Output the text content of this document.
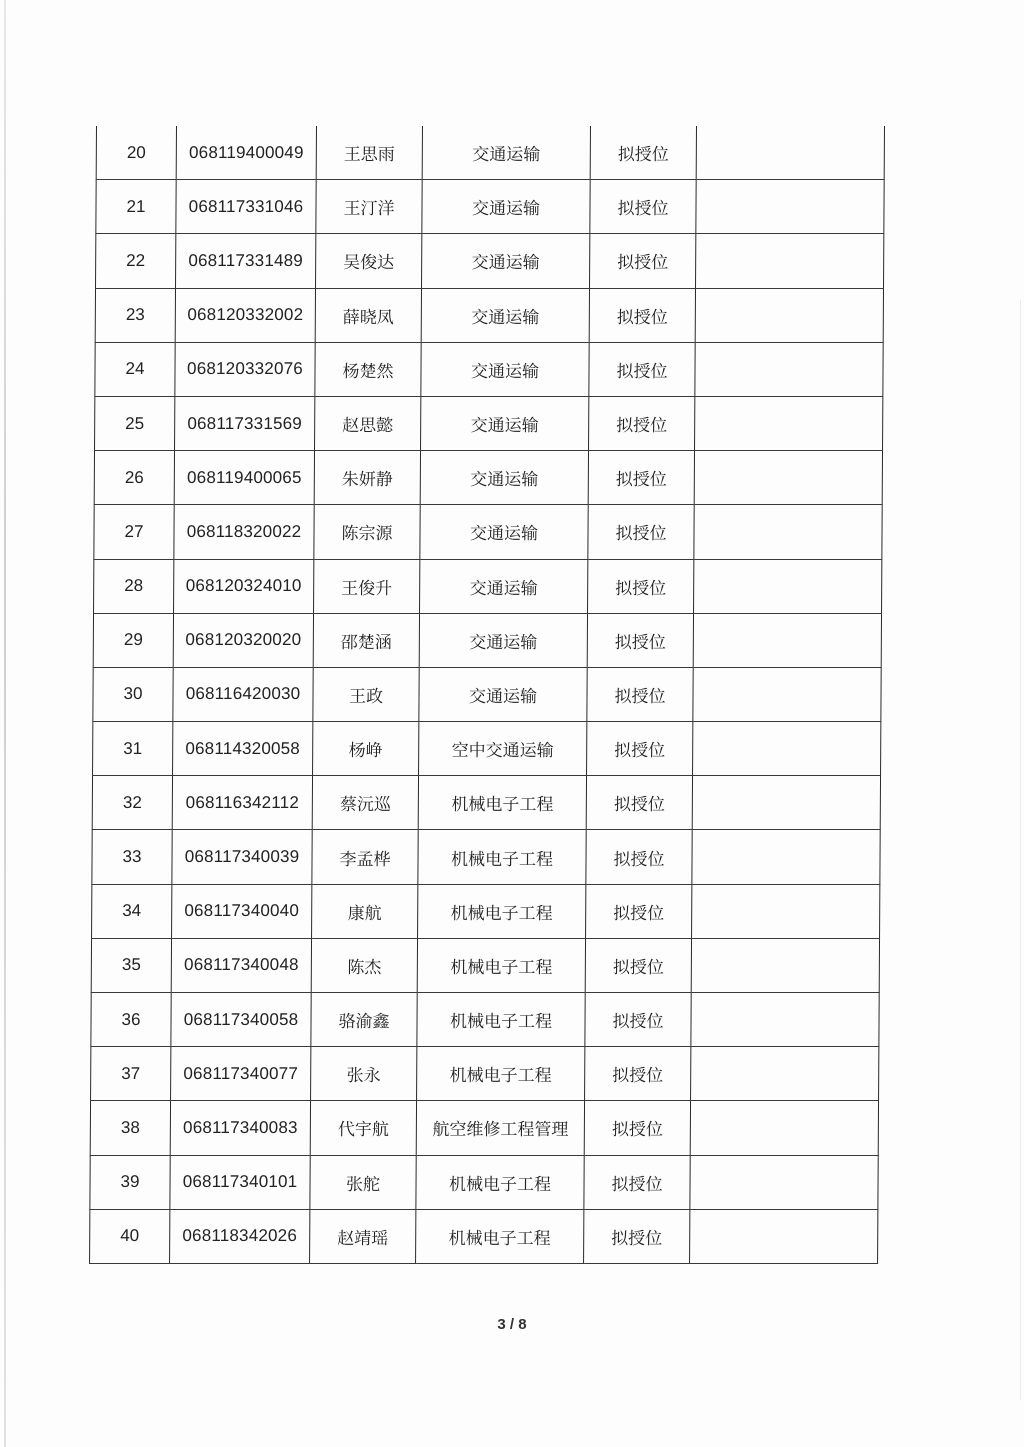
20	068119400049	王思雨	交通运输	拟授位	
21	068117331046	王汀洋	交通运输	拟授位	
22	068117331489	吴俊达	交通运输	拟授位	
23	068120332002	薛晓凤	交通运输	拟授位	
24	068120332076	杨楚然	交通运输	拟授位	
25	068117331569	赵思懿	交通运输	拟授位	
26	068119400065	朱妍静	交通运输	拟授位	
27	068118320022	陈宗源	交通运输	拟授位	
28	068120324010	王俊升	交通运输	拟授位	
29	068120320020	邵楚涵	交通运输	拟授位	
30	068116420030	王政	交通运输	拟授位	
31	068114320058	杨峥	空中交通运输	拟授位	
32	068116342112	蔡沅巡	机械电子工程	拟授位	
33	068117340039	李孟桦	机械电子工程	拟授位	
34	068117340040	康航	机械电子工程	拟授位	
35	068117340048	陈杰	机械电子工程	拟授位	
36	068117340058	骆渝鑫	机械电子工程	拟授位	
37	068117340077	张永	机械电子工程	拟授位	
38	068117340083	代宇航	航空维修工程管理	拟授位	
39	068117340101	张舵	机械电子工程	拟授位	
40	068118342026	赵靖瑶	机械电子工程	拟授位	
3 / 8
